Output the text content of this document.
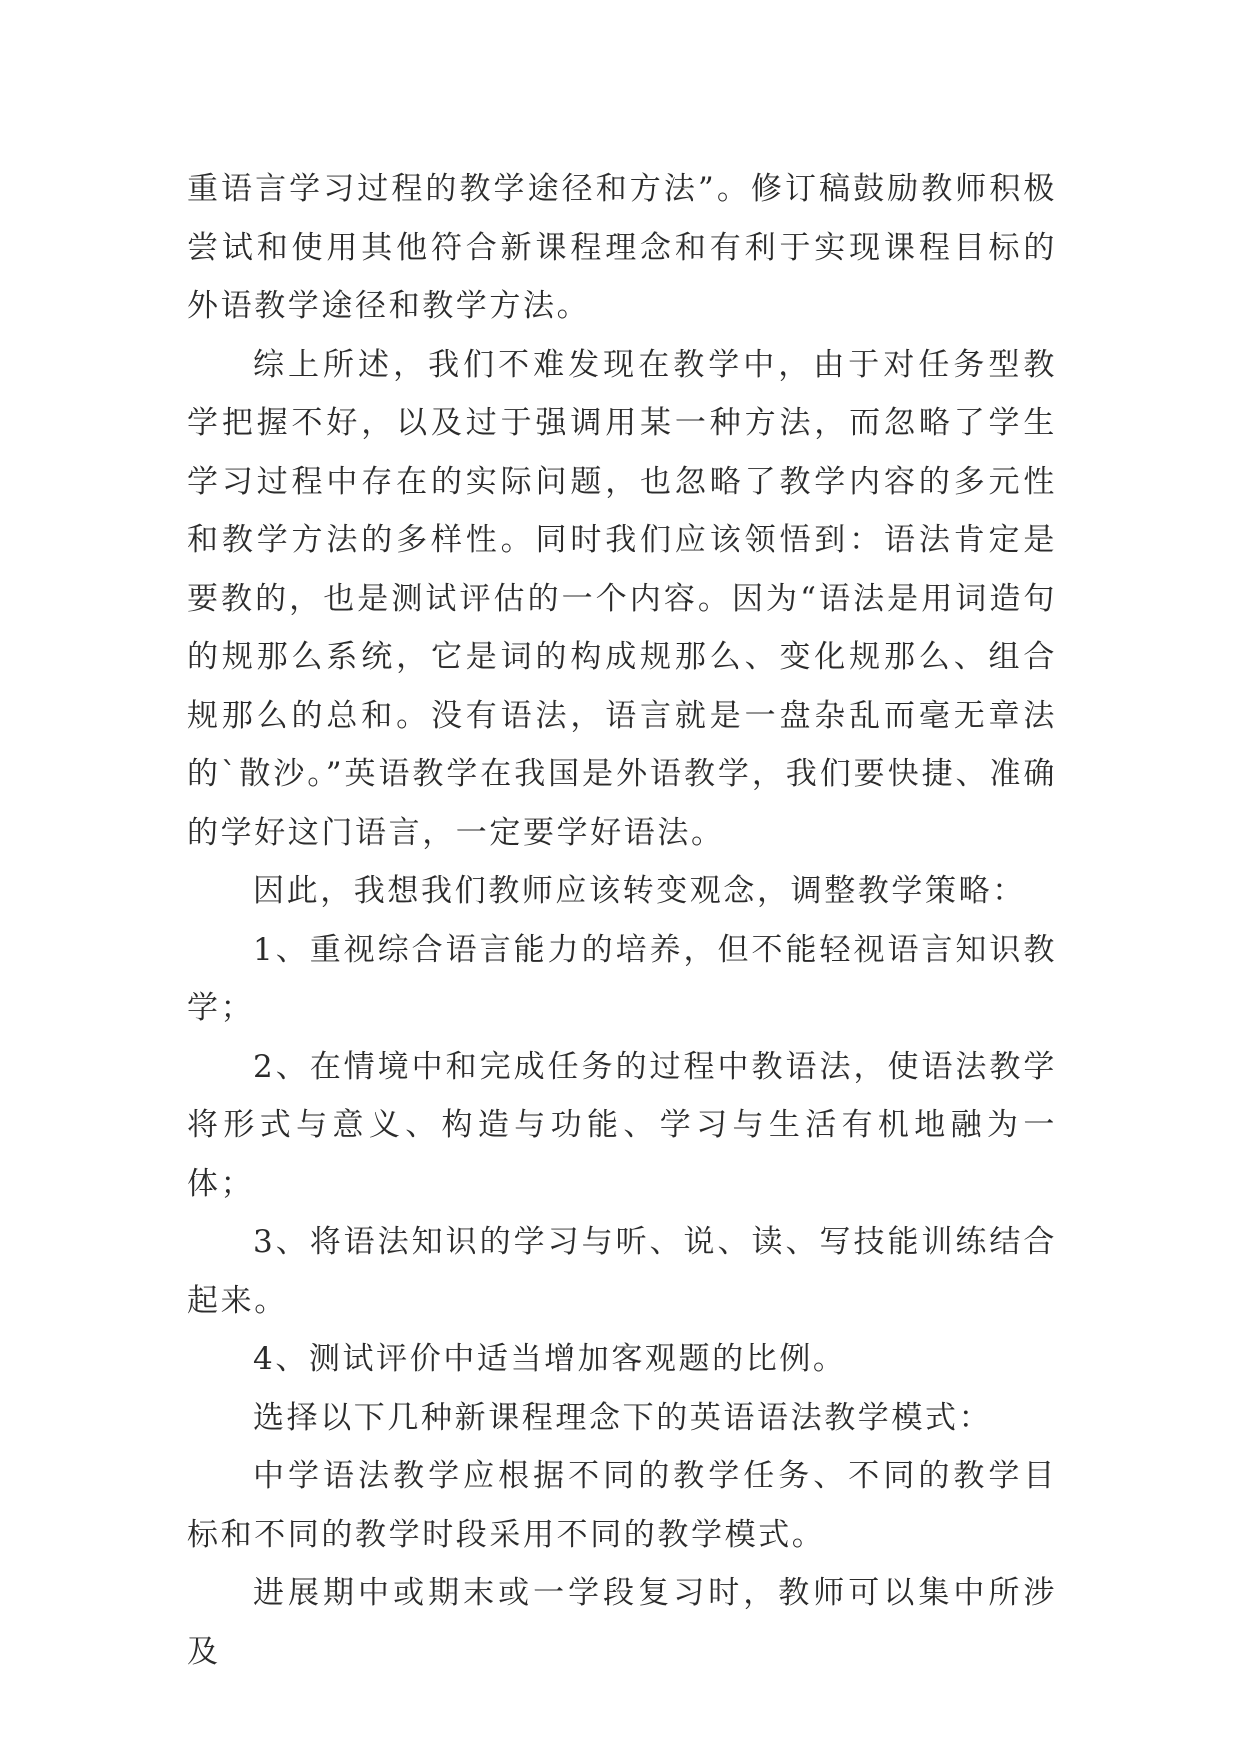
重语言学习过程的教学途径和方法”。修订稿鼓励教师积极尝试和使用其他符合新课程理念和有利于实现课程目标的外语教学途径和教学方法。

综上所述，我们不难发现在教学中，由于对任务型教学把握不好，以及过于强调用某一种方法，而忽略了学生学习过程中存在的实际问题，也忽略了教学内容的多元性和教学方法的多样性。同时我们应该领悟到：语法肯定是要教的，也是测试评估的一个内容。因为“语法是用词造句的规那么系统，它是词的构成规那么、变化规那么、组合规那么的总和。没有语法，语言就是一盘杂乱而毫无章法的`散沙。”英语教学在我国是外语教学，我们要快捷、准确的学好这门语言，一定要学好语法。

因此，我想我们教师应该转变观念，调整教学策略：

1、重视综合语言能力的培养，但不能轻视语言知识教学；

2、在情境中和完成任务的过程中教语法，使语法教学将形式与意义、构造与功能、学习与生活有机地融为一体；

3、将语法知识的学习与听、说、读、写技能训练结合起来。

4、测试评价中适当增加客观题的比例。

选择以下几种新课程理念下的英语语法教学模式：

中学语法教学应根据不同的教学任务、不同的教学目标和不同的教学时段采用不同的教学模式。

进展期中或期末或一学段复习时，教师可以集中所涉及
